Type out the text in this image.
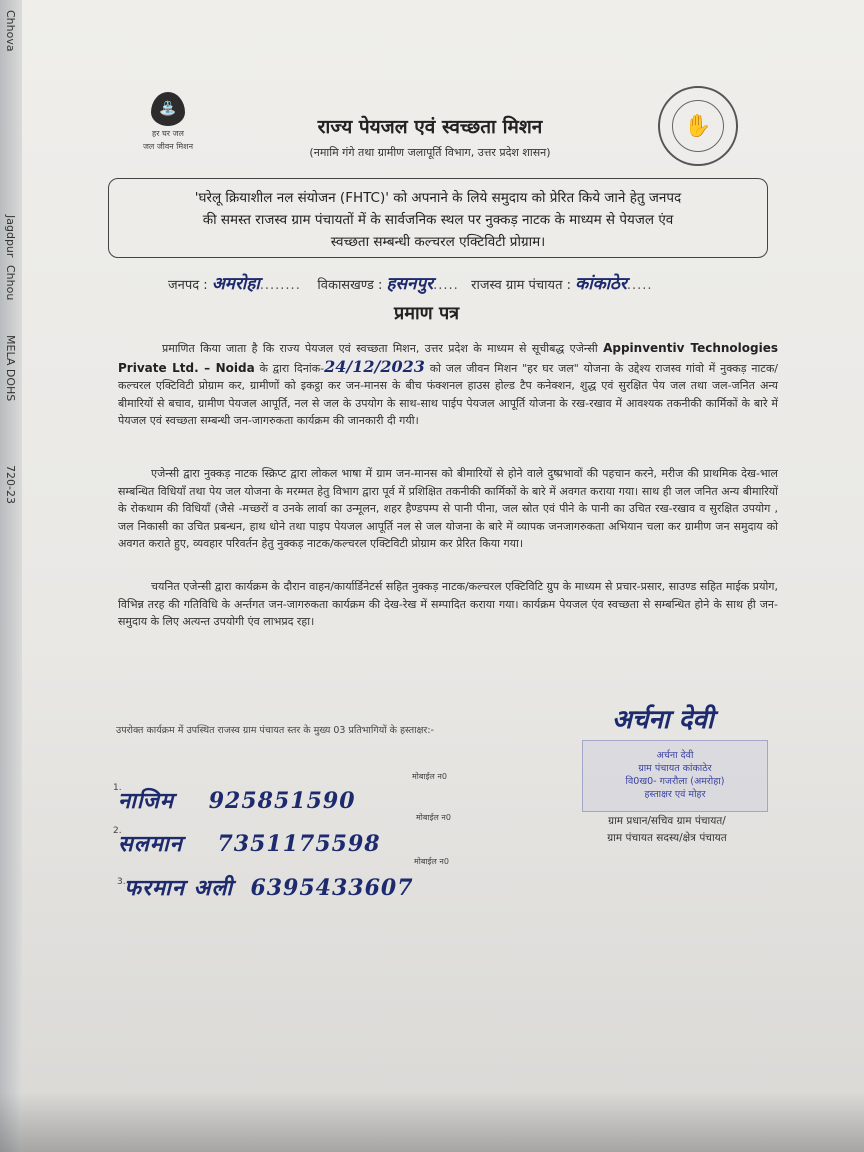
Chhova
Jagdpur
Chhou
MELA DOHS
720-23
⛲
हर घर जल
जल जीवन मिशन
✋
राज्य पेयजल एवं स्वच्छता मिशन
(नमामि गंगे तथा ग्रामीण जलापूर्ति विभाग, उत्तर प्रदेश शासन)
'घरेलू क्रियाशील नल संयोजन (FHTC)' को अपनाने के लिये समुदाय को प्रेरित किये जाने हेतु जनपद
की समस्त राजस्व ग्राम पंचायतों में के सार्वजनिक स्थल पर नुक्कड़ नाटक के माध्यम से पेयजल एंव
स्वच्छता सम्बन्धी कल्चरल एक्टिविटी प्रोग्राम।
जनपद : अमरोहा........ विकासखण्ड : हसनपुर..... राजस्व ग्राम पंचायत : कांकाठेर.....
प्रमाण पत्र
    प्रमाणित किया जाता है कि राज्य पेयजल एवं स्वच्छता मिशन, उत्तर प्रदेश के माध्यम से सूचीबद्ध एजेन्सी Appinventiv Technologies Private Ltd. – Noida के द्वारा दिनांक-24/12/2023 को जल जीवन मिशन "हर घर जल" योजना के उद्देश्य राजस्व गांवो में नुक्कड़ नाटक/कल्चरल एक्टिविटी प्रोग्राम कर, ग्रामीणों को इकट्ठा कर जन-मानस के बीच फंक्शनल हाउस होल्ड टैप कनेक्शन, शुद्ध एवं सुरक्षित पेय जल तथा जल-जनित अन्य बीमारियों से बचाव, ग्रामीण पेयजल आपूर्ति, नल से जल के उपयोग के साथ-साथ पाईप पेयजल आपूर्ति योजना के रख-रखाव में आवश्यक तकनीकी कार्मिकों के बारे में पेयजल एवं स्वच्छता सम्बन्धी जन-जागरुकता कार्यक्रम की जानकारी दी गयी।
   एजेन्सी द्वारा नुक्कड़ नाटक स्क्रिप्ट द्वारा लोकल भाषा में ग्राम जन-मानस को बीमारियों से होने वाले दुष्प्रभावों की पहचान करने, मरीज की प्राथमिक देख-भाल सम्बन्धित विधियाँ तथा पेय जल योजना के मरम्मत हेतु विभाग द्वारा पूर्व में प्रशिक्षित तकनीकी कार्मिकों के बारे में अवगत कराया गया। साथ ही जल जनित अन्य बीमारियों के रोकथाम की विधियाँ (जैसे -मच्छरों व उनके लार्वा का उन्मूलन, शहर हैण्डपम्प से पानी पीना, जल स्रोत एवं पीने के पानी का उचित रख-रखाव व सुरक्षित उपयोग , जल निकासी का उचित प्रबन्धन, हाथ धोने तथा पाइप पेयजल आपूर्ति नल से जल योजना के बारे में व्यापक जनजागरुकता अभियान चला कर ग्रामीण जन समुदाय को अवगत कराते हुए, व्यवहार परिवर्तन हेतु नुक्कड़ नाटक/कल्चरल एक्टिविटी प्रोग्राम कर प्रेरित किया गया।
   चयनित एजेन्सी द्वारा कार्यक्रम के दौरान वाहन/कार्यार्डिनेटर्स सहित नुक्कड़ नाटक/कल्चरल एक्टिविटि ग्रुप के माध्यम से प्रचार-प्रसार, साउण्ड सहित माईक प्रयोग, विभिन्न तरह की गतिविधि के अर्न्तगत जन-जागरुकता कार्यक्रम की देख-रेख में सम्पादित कराया गया। कार्यक्रम पेयजल एंव स्वच्छता से सम्बन्धित होने के साथ ही जन-समुदाय के लिए अत्यन्त उपयोगी एंव लाभप्रद रहा।
उपरोक्त कार्यक्रम में उपस्थित राजस्व ग्राम पंचायत स्तर के मुख्य 03 प्रतिभागियों के हस्ताक्षर:-
मोबाईल न0
1.
नाजिम 925851590
मोबाईल न0
2.
सलमान 7351175598
मोबाईल न0
3.
फरमान अली 6395433607
अर्चना देवी
ग्राम पंचायत कांकाठेर
वि0ख0- गजरौला (अमरोहा)
हस्ताक्षर एवं मोहर
अर्चना देवी
ग्राम प्रधान/सचिव ग्राम पंचायत/
ग्राम पंचायत सदस्य/क्षेत्र पंचायत
